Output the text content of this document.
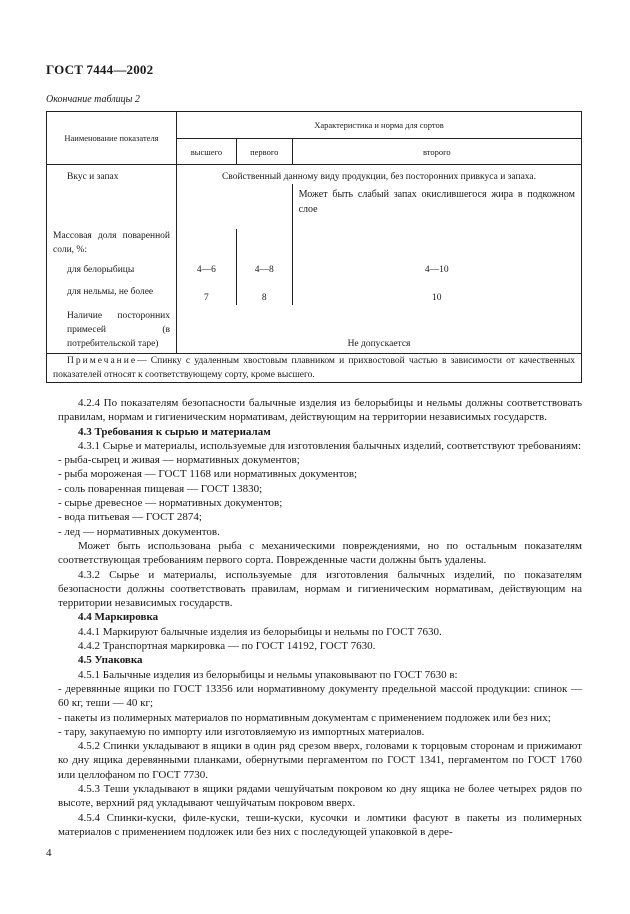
ГОСТ 7444—2002
Окончание таблицы 2
Наименование показателя	Характеристика и норма для сортов		
	высшего	первого	второго
Вкус и запах	Свойственный данному виду продукции, без посторонних привкуса и запаха.		
			Может быть слабый запах окислившегося жира в подкожном слое
Массовая доля поваренной соли, %:			
для белорыбицы	4—6	4—8	4—10
для нельмы, не более	7	8	10
Наличие посторонних примесей (в потребительской таре)	Не допускается		
Примечание— Спинку с удаленным хвостовым плавником и прихвостовой частью в зависимости от качественных показателей относят к соответствующему сорту, кроме высшего.			

4.2.4 По показателям безопасности балычные изделия из белорыбицы и нельмы должны соответствовать правилам, нормам и гигиеническим нормативам, действующим на территории независимых государств.

4.3 Требования к сырью и материалам

4.3.1 Сырье и материалы, используемые для изготовления балычных изделий, соответствуют требованиям:

- рыба-сырец и живая — нормативных документов;

- рыба мороженая — ГОСТ 1168 или нормативных документов;

- соль поваренная пищевая — ГОСТ 13830;

- сырье древесное — нормативных документов;

- вода питьевая — ГОСТ 2874;

- лед — нормативных документов.

Может быть использована рыба с механическими повреждениями, но по остальным показателям соответствующая требованиям первого сорта. Поврежденные части должны быть удалены.

4.3.2 Сырье и материалы, используемые для изготовления балычных изделий, по показателям безопасности должны соответствовать правилам, нормам и гигиеническим нормативам, действующим на территории независимых государств.

4.4 Маркировка

4.4.1 Маркируют балычные изделия из белорыбицы и нельмы по ГОСТ 7630.

4.4.2 Транспортная маркировка — по ГОСТ 14192, ГОСТ 7630.

4.5 Упаковка

4.5.1 Балычные изделия из белорыбицы и нельмы упаковывают по ГОСТ 7630 в:

- деревянные ящики по ГОСТ 13356 или нормативному документу предельной массой продукции: спинок — 60 кг, теши — 40 кг;

- пакеты из полимерных материалов по нормативным документам с применением подложек или без них;

- тару, закупаемую по импорту или изготовляемую из импортных материалов.

4.5.2 Спинки укладывают в ящики в один ряд срезом вверх, головами к торцовым сторонам и прижимают ко дну ящика деревянными планками, обернутыми пергаментом по ГОСТ 1341, пергаментом по ГОСТ 1760 или целлофаном по ГОСТ 7730.

4.5.3 Теши укладывают в ящики рядами чешуйчатым покровом ко дну ящика не более четырех рядов по высоте, верхний ряд укладывают чешуйчатым покровом вверх.

4.5.4 Спинки-куски, филе-куски, теши-куски, кусочки и ломтики фасуют в пакеты из полимерных материалов с применением подложек или без них с последующей упаковкой в дере-

4
